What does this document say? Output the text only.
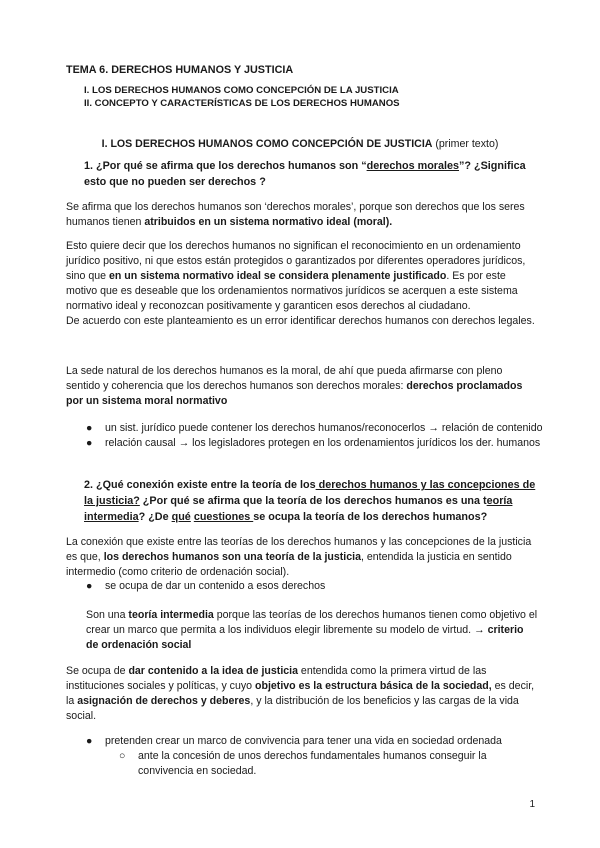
TEMA 6. DERECHOS HUMANOS Y JUSTICIA
I. LOS DERECHOS HUMANOS COMO CONCEPCIÓN DE LA JUSTICIA
II. CONCEPTO Y CARACTERÍSTICAS DE LOS DERECHOS HUMANOS
I. LOS DERECHOS HUMANOS COMO CONCEPCIÓN DE JUSTICIA (primer texto)
1. ¿Por qué se afirma que los derechos humanos son “derechos morales”? ¿Significa esto que no pueden ser derechos ?
Se afirma que los derechos humanos son ‘derechos morales’, porque son derechos que los seres humanos tienen atribuidos en un sistema normativo ideal (moral).
Esto quiere decir que los derechos humanos no significan el reconocimiento en un ordenamiento jurídico positivo, ni que estos están protegidos o garantizados por diferentes operadores jurídicos, sino que en un sistema normativo ideal se considera plenamente justificado. Es por este motivo que es deseable que los ordenamientos normativos jurídicos se acerquen a este sistema normativo ideal y reconozcan positivamente y garanticen esos derechos al ciudadano.
De acuerdo con este planteamiento es un error identificar derechos humanos con derechos legales.
La sede natural de los derechos humanos es la moral, de ahí que pueda afirmarse con pleno sentido y coherencia que los derechos humanos son derechos morales: derechos proclamados por un sistema moral normativo
● un sist. jurídico puede contener los derechos humanos/reconocerlos → relación de contenido
● relación causal → los legisladores protegen en los ordenamientos jurídicos los der. humanos
2. ¿Qué conexión existe entre la teoría de los derechos humanos y las concepciones de la justicia? ¿Por qué se afirma que la teoría de los derechos humanos es una teoría intermedia? ¿De qué cuestiones se ocupa la teoría de los derechos humanos?
La conexión que existe entre las teorías de los derechos humanos y las concepciones de la justicia es que, los derechos humanos son una teoría de la justicia, entendida la justicia en sentido intermedio (como criterio de ordenación social).
● se ocupa de dar un contenido a esos derechos
Son una teoría intermedia porque las teorías de los derechos humanos tienen como objetivo el crear un marco que permita a los individuos elegir libremente su modelo de virtud. → criterio de ordenación social
Se ocupa de dar contenido a la idea de justicia entendida como la primera virtud de las instituciones sociales y políticas, y cuyo objetivo es la estructura básica de la sociedad, es decir, la asignación de derechos y deberes, y la distribución de los beneficios y las cargas de la vida social.
● pretenden crear un marco de convivencia para tener una vida en sociedad ordenada
○ ante la concesión de unos derechos fundamentales humanos conseguir la convivencia en sociedad.
1
